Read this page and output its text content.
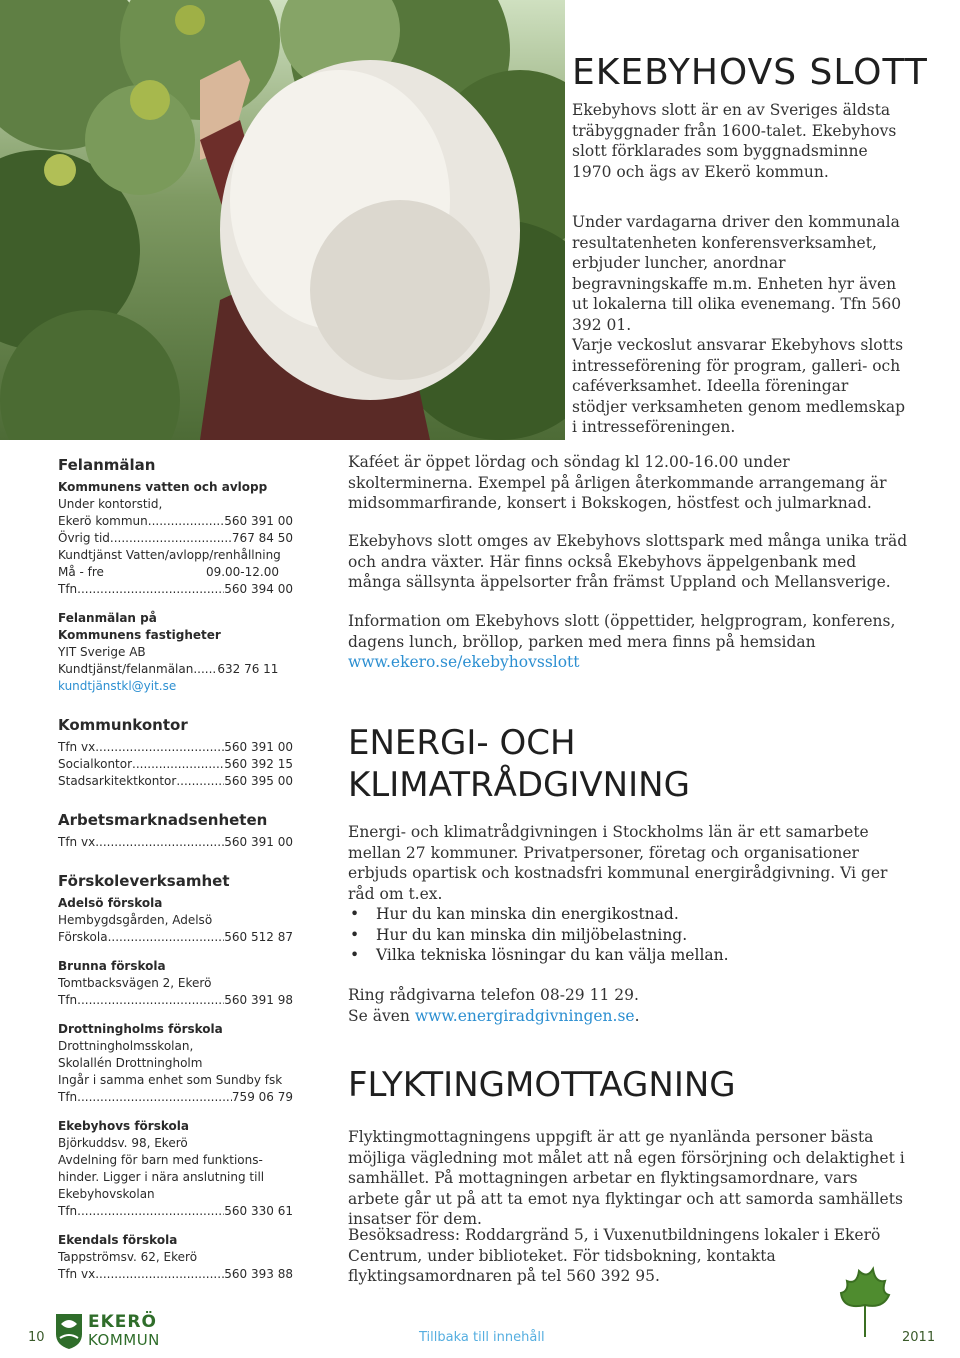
EKEBYHOVS SLOTT

Ekebyhovs slott är en av Sveriges äldsta träbyggnader från 1600-talet. Ekebyhovs slott förklarades som byggnadsminne 1970 och ägs av Ekerö kommun.

Under vardagarna driver den kommunala resultatenheten konferensverksamhet, erbjuder luncher, anordnar begravningskaffe m.m. Enheten hyr även ut lokalerna till olika evenemang. Tfn 560 392 01.

Varje veckoslut ansvarar Ekebyhovs slotts intresseförening för program, galleri- och caféverksamhet. Ideella föreningar stödjer verksamheten genom medlemskap i intresseföreningen.

Kaféet är öppet lördag och söndag kl 12.00-16.00 under skolterminerna. Exempel på årligen återkommande arrangemang är midsommarfirande, konsert i Bokskogen, höstfest och julmarknad.

Ekebyhovs slott omges av Ekebyhovs slottspark med många unika träd och andra växter. Här finns också Ekebyhovs äppelgenbank med många sällsynta äppelsorter från främst Uppland och Mellansverige.

Information om Ekebyhovs slott (öppettider, helgprogram, konferens, dagens lunch, bröllop, parken med mera finns på hemsidan www.ekero.se/ekebyhovsslott

ENERGI- OCH
KLIMATRÅDGIVNING

Energi- och klimatrådgivningen i Stockholms län är ett samarbete mellan 27 kommuner. Privatpersoner, företag och organisationer erbjuds opartisk och kostnadsfri kommunal energirådgivning. Vi ger råd om t.ex.

• Hur du kan minska din energikostnad.
• Hur du kan minska din miljöbelastning.
• Vilka tekniska lösningar du kan välja mellan.

Ring rådgivarna telefon 08-29 11 29.
Se även www.energiradgivningen.se.

FLYKTINGMOTTAGNING

Flyktingmottagningens uppgift är att ge nyanlända personer bästa möjliga vägledning mot målet att nå egen försörjning och delaktighet i samhället. På mottagningen arbetar en flyktingsamordnare, vars arbete går ut på att ta emot nya flyktingar och att samorda samhällets insatser för dem.

Besöksadress: Roddargränd 5, i Vuxenutbildningens lokaler i Ekerö Centrum, under biblioteket. För tidsbokning, kontakta flyktingsamordnaren på tel 560 392 95.

Felanmälan
Kommunens vatten och avlopp
Under kontorstid,
Ekerö kommun .....	560 391 00
Övrig tid .....	767 84 50
Kundtjänst Vatten/avlopp/renhållning
Må - fre	09.00-12.00
Tfn .....	560 394 00
Felanmälan på
Kommunens fastigheter
YIT Sverige AB
Kundtjänst/felanmälan ..... 632 76 11
kundtjänstkl@yit.se
Kommunkontor
Tfn vx .....	560 391 00
Socialkontor .....	560 392 15
Stadsarkitektkontor .....	560 395 00
Arbetsmarknadsenheten
Tfn vx .....	560 391 00
Förskoleverksamhet
Adelsö förskola
Hembygdsgården, Adelsö
Förskola .....	560 512 87
Brunna förskola
Tomtbacksvägen 2, Ekerö
Tfn .....	560 391 98
Drottningholms förskola
Drottningholmsskolan,
Skolallén Drottningholm
Ingår i samma enhet som Sundby fsk
Tfn .....	759 06 79
Ekebyhovs förskola
Björkuddsv. 98, Ekerö
Avdelning för barn med funktions-
hinder. Ligger i nära anslutning till
Ekebyhovskolan
Tfn .....	560 330 61
Ekendals förskola
Tappströmsv. 62, Ekerö
Tfn vx .....	560 393 88
10
EKERÖ
KOMMUN	Tillbaka till innehåll	2011
